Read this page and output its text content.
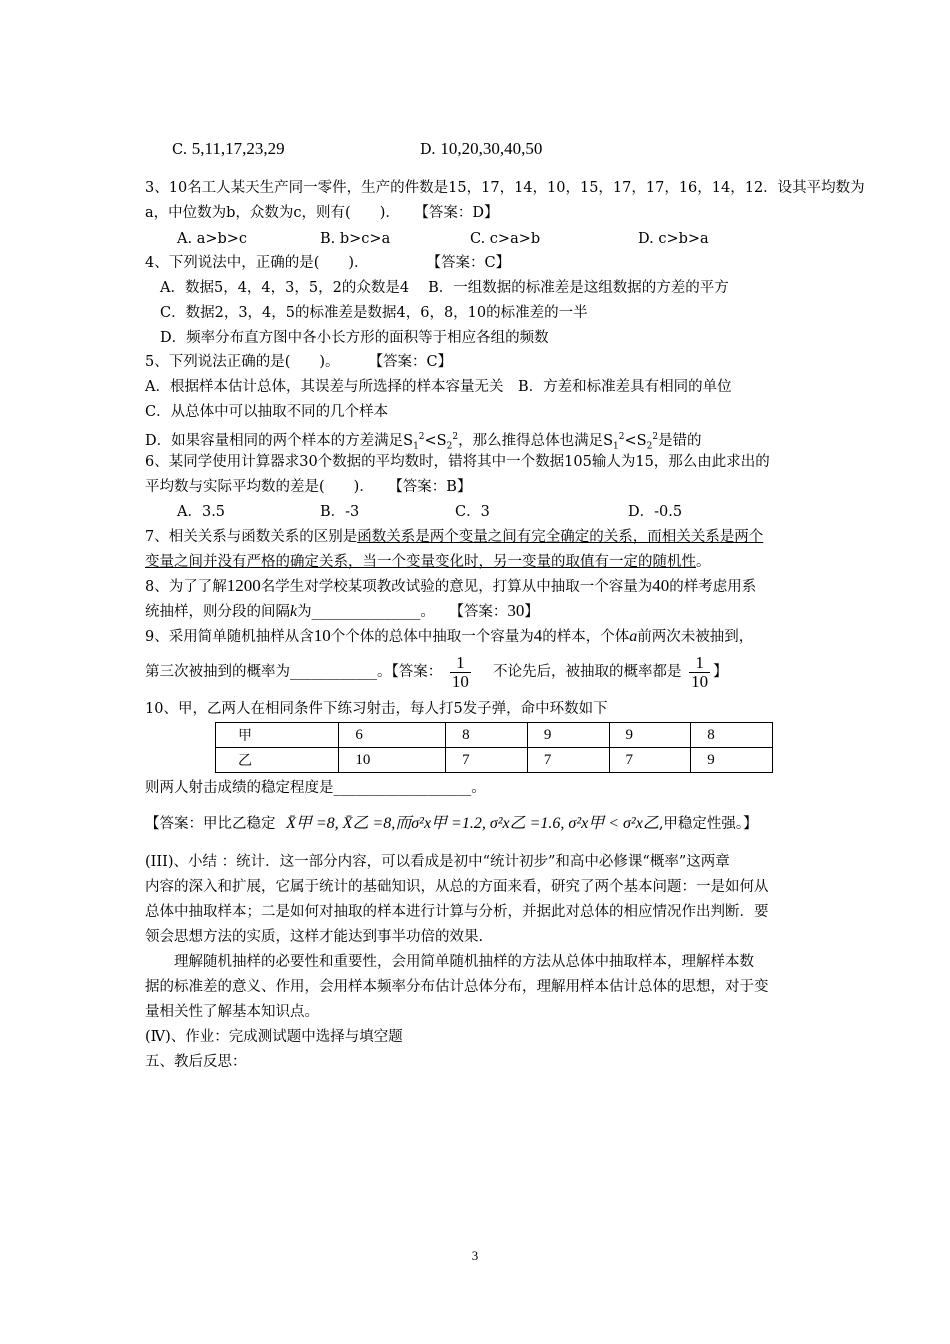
C. 5,11,17,23,29	D. 10,20,30,40,50
3、10名工人某天生产同一零件，生产的件数是15，17，14，10，15，17，17，16，14，12．设其平均数为
a，中位数为b，众数为c，则有(　　)．　　【答案：D】
A. a>b>c	B. b>c>a	C. c>a>b	D. c>b>a
4、下列说法中，正确的是(　　)．　　　　　【答案：C】
A．数据5，4，4，3，5，2的众数是4　 B．一组数据的标准差是这组数据的方差的平方
C．数据2，3，4，5的标准差是数据4，6，8，10的标准差的一半
D．频率分布直方图中各小长方形的面积等于相应各组的频数
5、下列说法正确的是(　　)。　　　【答案：C】
A．根据样本估计总体，其误差与所选择的样本容量无关　B．方差和标准差具有相同的单位
C．从总体中可以抽取不同的几个样本
D．如果容量相同的两个样本的方差满足$S_1^2<S_2^2$，那么推得总体也满足$S_1^2<S_2^2$是错的
6、某同学使用计算器求30个数据的平均数时，错将其中一个数据105输人为15，那么由此求出的
平均数与实际平均数的差是(　　)．　　【答案：B】
A．3.5	B．-3	C．3	D．-0.5
7、相关关系与函数关系的区别是函数关系是两个变量之间有完全确定的关系，而相关关系是两个
变量之间并没有严格的确定关系，当一个变量变化时，另一变量的取值有一定的随机性。
8、为了了解1200名学生对学校某项教改试验的意见，打算从中抽取一个容量为40的样考虑用系
统抽样，则分段的间隔k为_______________。　　【答案：30】
9、采用简单随机抽样从含10个个体的总体中抽取一个容量为4的样本，个体a前两次未被抽到，
第三次被抽到的概率为____________。【答案： $\frac{1}{10}$ 　不论先后，被抽取的概率都是 $\frac{1}{10}$ 】
10、甲，乙两人在相同条件下练习射击，每人打5发子弹，命中环数如下
甲	6	8	9	9	8
乙	10	7	7	7	9
则两人射击成绩的稳定程度是___________________。
【答案：甲比乙稳定 X̄甲 =8, X̄乙 =8,而σ²x甲 =1.2, σ²x乙 =1.6, σ²x甲 < σ²x乙,甲稳定性强。】
(III)、小结 ：统计．这一部分内容，可以看成是初中“统计初步”和高中必修课“概率”这两章
内容的深入和扩展，它属于统计的基础知识，从总的方面来看，研究了两个基本问题：一是如何从
总体中抽取样本；二是如何对抽取的样本进行计算与分析，并据此对总体的相应情况作出判断．要
领会思想方法的实质，这样才能达到事半功倍的效果.
　　理解随机抽样的必要性和重要性，会用简单随机抽样的方法从总体中抽取样本，理解样本数
据的标准差的意义、作用，会用样本频率分布估计总体分布，理解用样本估计总体的思想，对于变
量相关性了解基本知识点。
(Ⅳ)、作业：完成测试题中选择与填空题
五、教后反思：
3
